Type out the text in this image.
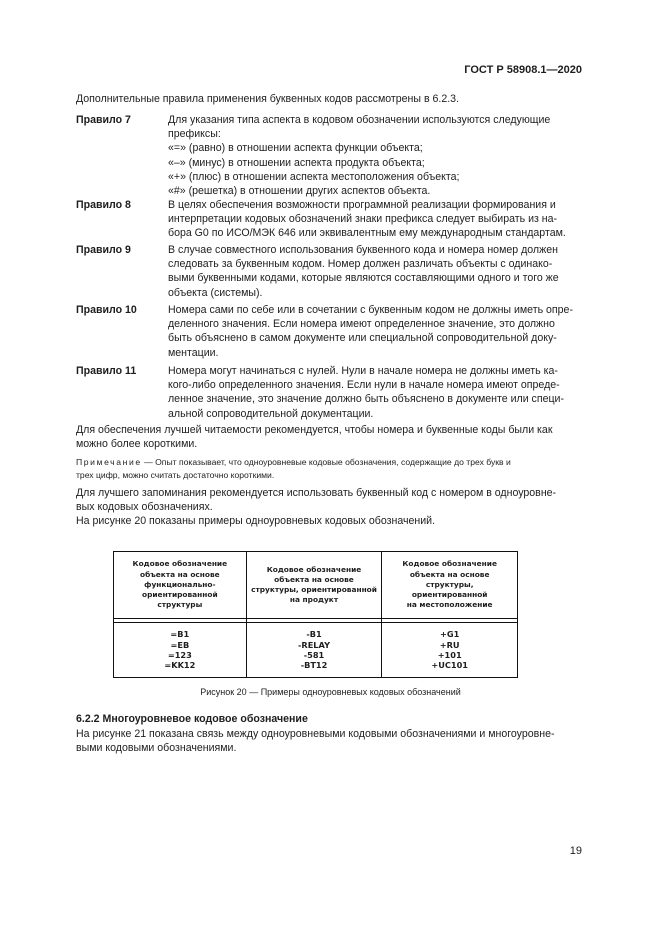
ГОСТ Р 58908.1—2020
Дополнительные правила применения буквенных кодов рассмотрены в 6.2.3.
Правило 7	Для указания типа аспекта в кодовом обозначении используются следующие
префиксы:
«=» (равно) в отношении аспекта функции объекта;
«–» (минус) в отношении аспекта продукта объекта;
«+» (плюс) в отношении аспекта местоположения объекта;
«#» (решетка) в отношении других аспектов объекта.
Правило 8	В целях обеспечения возможности программной реализации формирования и
интерпретации кодовых обозначений знаки префикса следует выбирать из на-
бора G0 по ИСО/МЭК 646 или эквивалентным ему международным стандартам.
Правило 9	В случае совместного использования буквенного кода и номера номер должен
следовать за буквенным кодом. Номер должен различать объекты с одинако-
выми буквенными кодами, которые являются составляющими одного и того же
объекта (системы).
Правило 10	Номера сами по себе или в сочетании с буквенным кодом не должны иметь опре-
деленного значения. Если номера имеют определенное значение, это должно
быть объяснено в самом документе или специальной сопроводительной доку-
ментации.
Правило 11	Номера могут начинаться с нулей. Нули в начале номера не должны иметь ка-
кого-либо определенного значения. Если нули в начале номера имеют опреде-
ленное значение, это значение должно быть объяснено в документе или специ-
альной сопроводительной документации.
Для обеспечения лучшей читаемости рекомендуется, чтобы номера и буквенные коды были как
можно более короткими.
Примечание — Опыт показывает, что одноуровневые кодовые обозначения, содержащие до трех букв и
трех цифр, можно считать достаточно короткими.
Для лучшего запоминания рекомендуется использовать буквенный код с номером в одноуровне-
вых кодовых обозначениях.
На рисунке 20 показаны примеры одноуровневых кодовых обозначений.
Кодовое обозначение
объекта на основе
функционально-
ориентированной
структуры	Кодовое обозначение
объекта на основе
структуры, ориентированной
на продукт	Кодовое обозначение
объекта на основе
структуры,
ориентированной
на местоположение

=B1
=EB
=123
=KK12	-B1
-RELAY
-581
-BT12	+G1
+RU
+101
+UC101
Рисунок 20 — Примеры одноуровневых кодовых обозначений
6.2.2 Многоуровневое кодовое обозначение
На рисунке 21 показана связь между одноуровневыми кодовыми обозначениями и многоуровне-
выми кодовыми обозначениями.
19
